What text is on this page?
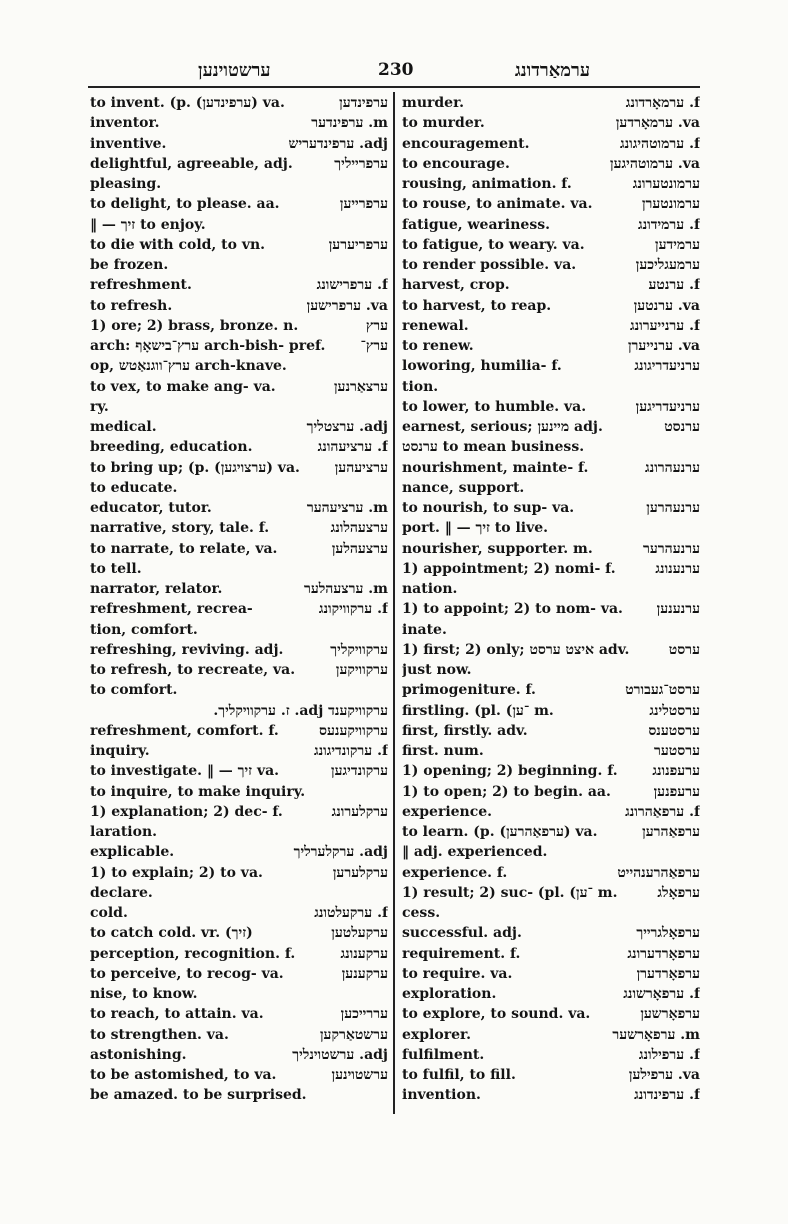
ערשטוינען	230	ערמאַרדונג
to invent. (p. (ערפינדען) va.	ערפינדען
inventor.	m. ערפינדער
inventive.	adj. ערפינדעריש
delightful, agreeable, adj.	ערפרייליך
pleasing.
to delight, to please. aa.	ערפרייען
‖ — זיך to enjoy.
to die with cold, to vn.	ערפריערען
be frozen.
refreshment.	f. ערפרישונג
to refresh.	va. ערפרישען
1) ore; 2) brass, bronze. n.	ערץ
arch: ערץ־בישאָף arch-bish- pref.	ערץ־
op, ערץ־ווגנאַטש arch-knave.
to vex, to make ang- va.	ערצאַרנען
ry.
medical.	adj. ערצטליך
breeding, education.	f. ערציעהונג
to bring up; (p. (ערצויגען) va. ערציעהען
to educate.
educator, tutor.	m. ערציעהער
narrative, story, tale. f.	ערצעהלונג
to narrate, to relate, va.	ערצעהלען
to tell.
narrator, relator.	m. ערצעהלער
refreshment, recrea-	f. ערקוויקונג
tion, comfort.
refreshing, reviving. adj.	ערקוויקליך
to refresh, to recreate, va.	ערקוויקען
to comfort.
ערקוויקענד adj. ז. ערקוויקליך.
refreshment, comfort. f.	ערקוויקענעס
inquiry.	f. ערקונדיגונג
to investigate. ‖ — זיך va.	ערקונדיגען
to inquire, to make inquiry.
1) explanation; 2) dec- f.	ערקלערונג
laration.
explicable.	adj. ערקלערליך
1) to explain; 2) to va.	ערקלערען
declare.
cold.	f. ערקעלטונג
to catch cold. vr. (זיך)	ערקעלטען
perception, recognition. f.	ערקענונג
to perceive, to recog- va.	ערקענען
nise, to know.
to reach, to attain. va.	עררייכען
to strengthen. va.	ערשטאַרקען
astonishing.	adj. ערשטוינליך
to be astomished, to va.	ערשטוינען
be amazed. to be surprised.
murder.	f. ערמאָרדונג
to murder.	va. ערמאָרדען
encouragement.	f. ערמוטהיגונג
to encourage.	va. ערמוטהיגען
rousing, animation. f.	ערמונטערונג
to rouse, to animate. va.	ערמונטערן
fatigue, weariness.	f. ערמידונג
to fatigue, to weary. va.	ערמידען
to render possible. va.	ערמעגליכען
harvest, crop.	f. ערנטע
to harvest, to reap.	va. ערנטען
renewal.	f. ערנייערונג
to renew.	va. ערנייערן
loworing, humilia- f.	ערניעדריגונג
tion.
to lower, to humble. va.	ערניעדריגען
earnest, serious; מיינען adj.	ערנסט
ערנסט to mean business.
nourishment, mainte- f.	ערנעהרונג
nance, support.
to nourish, to sup- va.	ערנעהרען
port. ‖ — זיך to live.
nourisher, supporter. m.	ערנעהרער
1) appointment; 2) nomi- f.	ערנענונג
nation.
1) to appoint; 2) to nom- va. ערנענען
inate.
1) first; 2) only; איצט ערסט adv.	ערסט
just now.
primogeniture. f.	ערסט־געבורט
firstling. (pl. (־ען m.	ערסטלינג
first, firstly. adv.	ערסטענס
first. num.	ערסטער
1) opening; 2) beginning. f. ערעפנונג
1) to open; 2) to begin. aa.	ערעפנען
experience.	f. ערפאַהרונג
to learn. (p. (ערפאַהרען) va.	ערפאַהרען
‖ adj. experienced.
experience. f.	ערפאַהרענהייט
1) result; 2) suc- (pl. (־ען m.	ערפאָלג
cess.
successful. adj.	ערפאָלגרייך
requirement. f.	ערפאָרדערונג
to require. va.	ערפאָרדערן
exploration.	f. ערפאָרשונג
to explore, to sound. va.	ערפאָרשען
explorer.	m. ערפאָרשער
fulfilment.	f. ערפילונג
to fulfil, to fill.	va. ערפילען
invention.	f. ערפינדונג
